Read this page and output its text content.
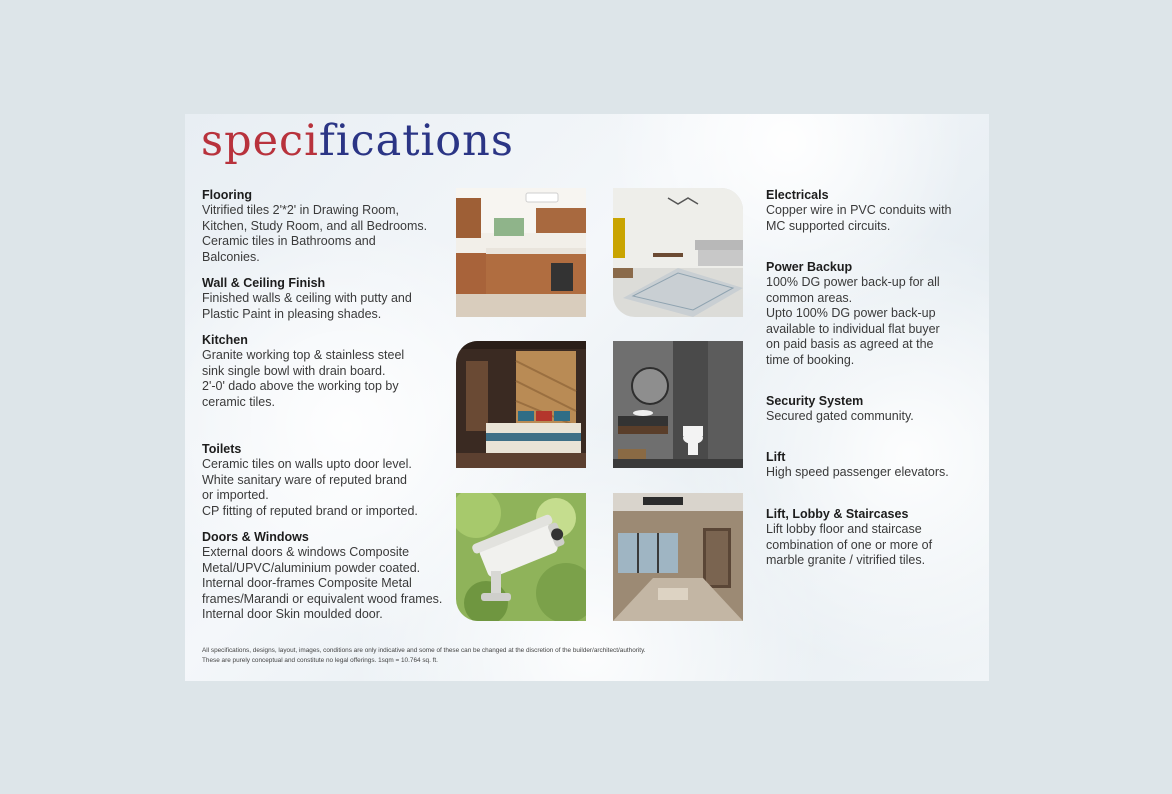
specifications
Flooring

Vitrified tiles 2'*2' in Drawing Room,
Kitchen, Study Room, and all Bedrooms.
Ceramic tiles in Bathrooms and
Balconies.

Wall & Ceiling Finish

Finished walls & ceiling with putty and
Plastic Paint in pleasing shades.

Kitchen

Granite working top & stainless steel
sink single bowl with drain board.
2'-0' dado above the working top by
ceramic tiles.

Toilets

Ceramic tiles on walls upto door level.
White sanitary ware of reputed brand
or imported.
CP fitting of reputed brand or imported.

Doors & Windows

External doors & windows Composite
Metal/UPVC/aluminium powder coated.
Internal door-frames Composite Metal
frames/Marandi or equivalent wood frames.
Internal door Skin moulded door.

Electricals

Copper wire in PVC conduits with
MC supported circuits.

Power Backup

100% DG power back-up for all
common areas.
Upto 100% DG power back-up
available to individual flat buyer
on paid basis as agreed at the
time of booking.

Security System

Secured gated community.

Lift

High speed passenger elevators.

Lift, Lobby & Staircases

Lift lobby floor and staircase
combination of one or more of
marble granite / vitrified tiles.

All specifications, designs, layout, images, conditions are only indicative and some of these can be changed at the discretion of the builder/architect/authority.
These are purely conceptual and constitute no legal offerings. 1sqm = 10.764 sq. ft.
